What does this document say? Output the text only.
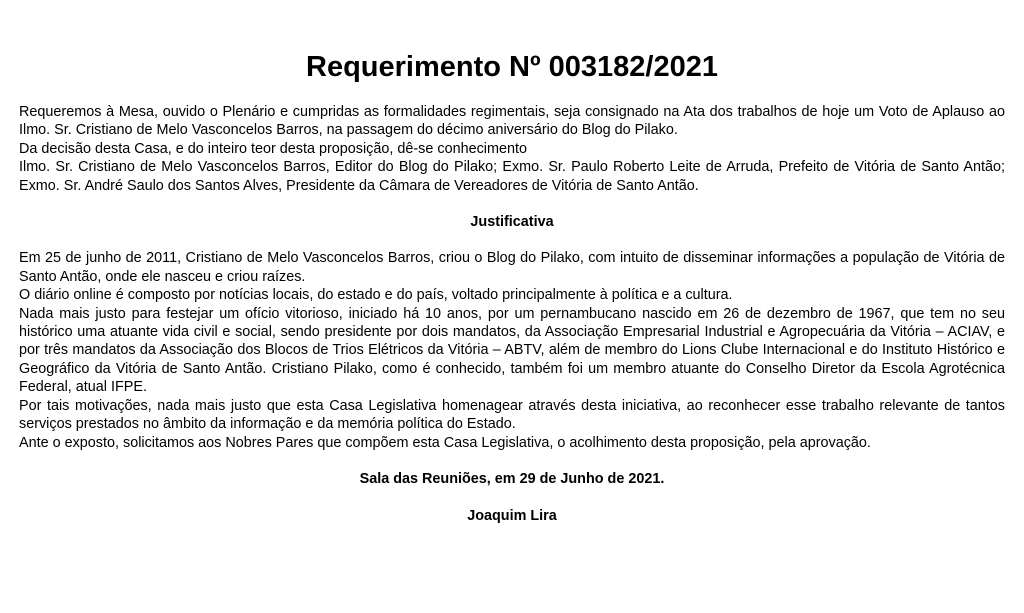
Requerimento Nº 003182/2021

Requeremos à Mesa, ouvido o Plenário e cumpridas as formalidades regimentais, seja consignado na Ata dos trabalhos de hoje um Voto de Aplauso ao Ilmo. Sr. Cristiano de Melo Vasconcelos Barros, na passagem do décimo aniversário do Blog do Pilako.

Da decisão desta Casa, e do inteiro teor desta proposição, dê-se conhecimento

Ilmo. Sr. Cristiano de Melo Vasconcelos Barros, Editor do Blog do Pilako; Exmo. Sr. Paulo Roberto Leite de Arruda, Prefeito de Vitória de Santo Antão; Exmo. Sr. André Saulo dos Santos Alves, Presidente da Câmara de Vereadores de Vitória de Santo Antão.

Justificativa

Em 25 de junho de 2011, Cristiano de Melo Vasconcelos Barros, criou o Blog do Pilako, com intuito de disseminar informações a população de Vitória de Santo Antão, onde ele nasceu e criou raízes.

O diário online é composto por notícias locais, do estado e do país, voltado principalmente à política e a cultura.

Nada mais justo para festejar um ofício vitorioso, iniciado há 10 anos, por um pernambucano nascido em 26 de dezembro de 1967, que tem no seu histórico uma atuante vida civil e social, sendo presidente por dois mandatos, da Associação Empresarial Industrial e Agropecuária da Vitória – ACIAV, e por três mandatos da Associação dos Blocos de Trios Elétricos da Vitória – ABTV, além de membro do Lions Clube Internacional e do Instituto Histórico e Geográfico da Vitória de Santo Antão. Cristiano Pilako, como é conhecido, também foi um membro atuante do Conselho Diretor da Escola Agrotécnica Federal, atual IFPE.

Por tais motivações, nada mais justo que esta Casa Legislativa homenagear através desta iniciativa, ao reconhecer esse trabalho relevante de tantos serviços prestados no âmbito da informação e da memória política do Estado.

Ante o exposto, solicitamos aos Nobres Pares que compõem esta Casa Legislativa, o acolhimento desta proposição, pela aprovação.

Sala das Reuniões, em 29 de Junho de 2021.

Joaquim Lira
